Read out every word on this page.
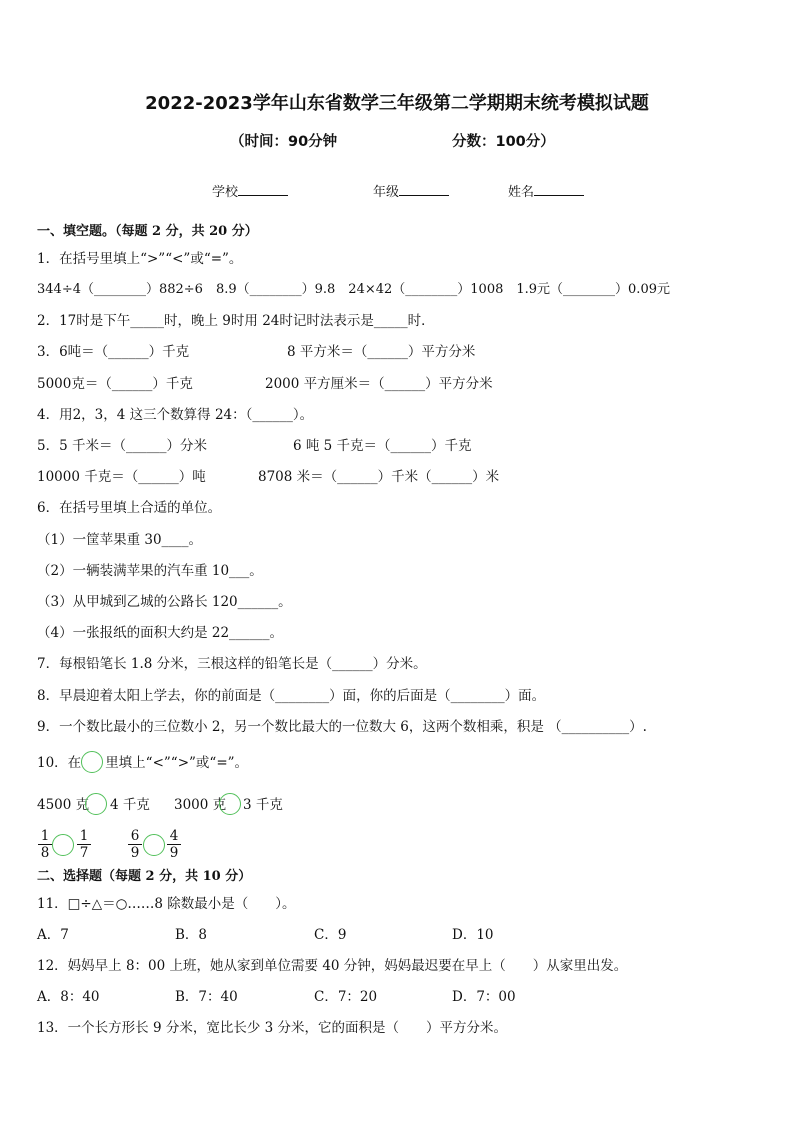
2022-2023学年山东省数学三年级第二学期期末统考模拟试题
（时间：90分钟	分数：100分）
学校	年级	姓名
一、填空题。（每题 2 分，共 20 分）
1．在括号里填上“>”“<”或“=”。
344÷4（________）882÷6　8.9（________）9.8　24×42（________）1008　1.9元（________）0.09元
2．17时是下午_____时，晚上 9时用 24时记时法表示是_____时．
3．6吨＝（______）千克	8 平方米＝（______）平方分米
5000克＝（______）千克	2000 平方厘米＝（______）平方分米
4．用2，3，4 这三个数算得 24：（______）。
5．5 千米＝（______）分米	6 吨 5 千克＝（______）千克
10000 千克＝（______）吨	8708 米＝（______）千米（______）米
6．在括号里填上合适的单位。
（1）一筐苹果重 30____。
（2）一辆装满苹果的汽车重 10___。
（3）从甲城到乙城的公路长 120______。
（4）一张报纸的面积大约是 22______。
7．每根铅笔长 1.8 分米，三根这样的铅笔长是（______）分米。
8．早晨迎着太阳上学去，你的前面是（________）面，你的后面是（________）面。
9．一个数比最小的三位数小 2，另一个数比最大的一位数大 6，这两个数相乘，积是 （__________）.
10．在 里填上“<”“>”或“=”。
4500 克 4 千克 3000 克 3 千克
$\frac{1}{8} \frac{1}{7}$	$\frac{6}{9} \frac{4}{9}$
二、选择题（每题 2 分，共 10 分）
11．□÷△＝○……8 除数最小是（　　）。
A．7	B．8	C．9	D．10
12．妈妈早上 8：00 上班，她从家到单位需要 40 分钟，妈妈最迟要在早上（　　）从家里出发。
A．8：40	B．7：40	C．7：20	D．7：00
13．一个长方形长 9 分米，宽比长少 3 分米，它的面积是（　　）平方分米。
